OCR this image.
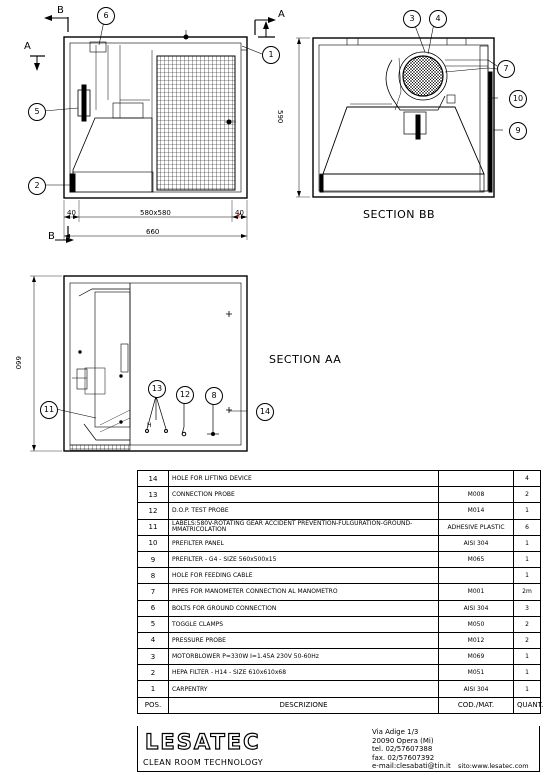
SECTION BB
SECTION AA
B	A
A
B
40	580x580	40
660
590
660
H
1
2
3	4
5
6
7
8
9
10
11
12
13
14
14	HOLE FOR LIFTING DEVICE		4
13	CONNECTION PROBE	M008	2
12	D.O.P. TEST PROBE	M014	1
11	LABELS:580V-ROTATING GEAR ACCIDENT PREVENTION-FULGURATION-GROUND-MMATRICOLATION	ADHESIVE PLASTIC	6
10	PREFILTER PANEL	AISI 304	1
9	PREFILTER - G4 - SIZE 560x500x15	M065	1
8	HOLE FOR FEEDING CABLE		1
7	PIPES FOR MANOMETER CONNECTION AL MANOMETRO	M001	2m
6	BOLTS FOR GROUND CONNECTION	AISI 304	3
5	TOGGLE CLAMPS	M050	2
4	PRESSURE PROBE	M012	2
3	MOTORBLOWER P=330W I=1.45A 230V 50-60Hz	M069	1
2	HEPA FILTER - H14 - SIZE 610x610x68	M051	1
1	CARPENTRY	AISI 304	1
POS.	DESCRIZIONE	COD./MAT.	QUANT.
LESATEC
CLEAN ROOM TECHNOLOGY
Via Adige 1/3
20090 Opera (Mi)
tel. 02/57607388
fax. 02/57607392
e-mail:clesabati@tin.it sito:www.lesatec.com
